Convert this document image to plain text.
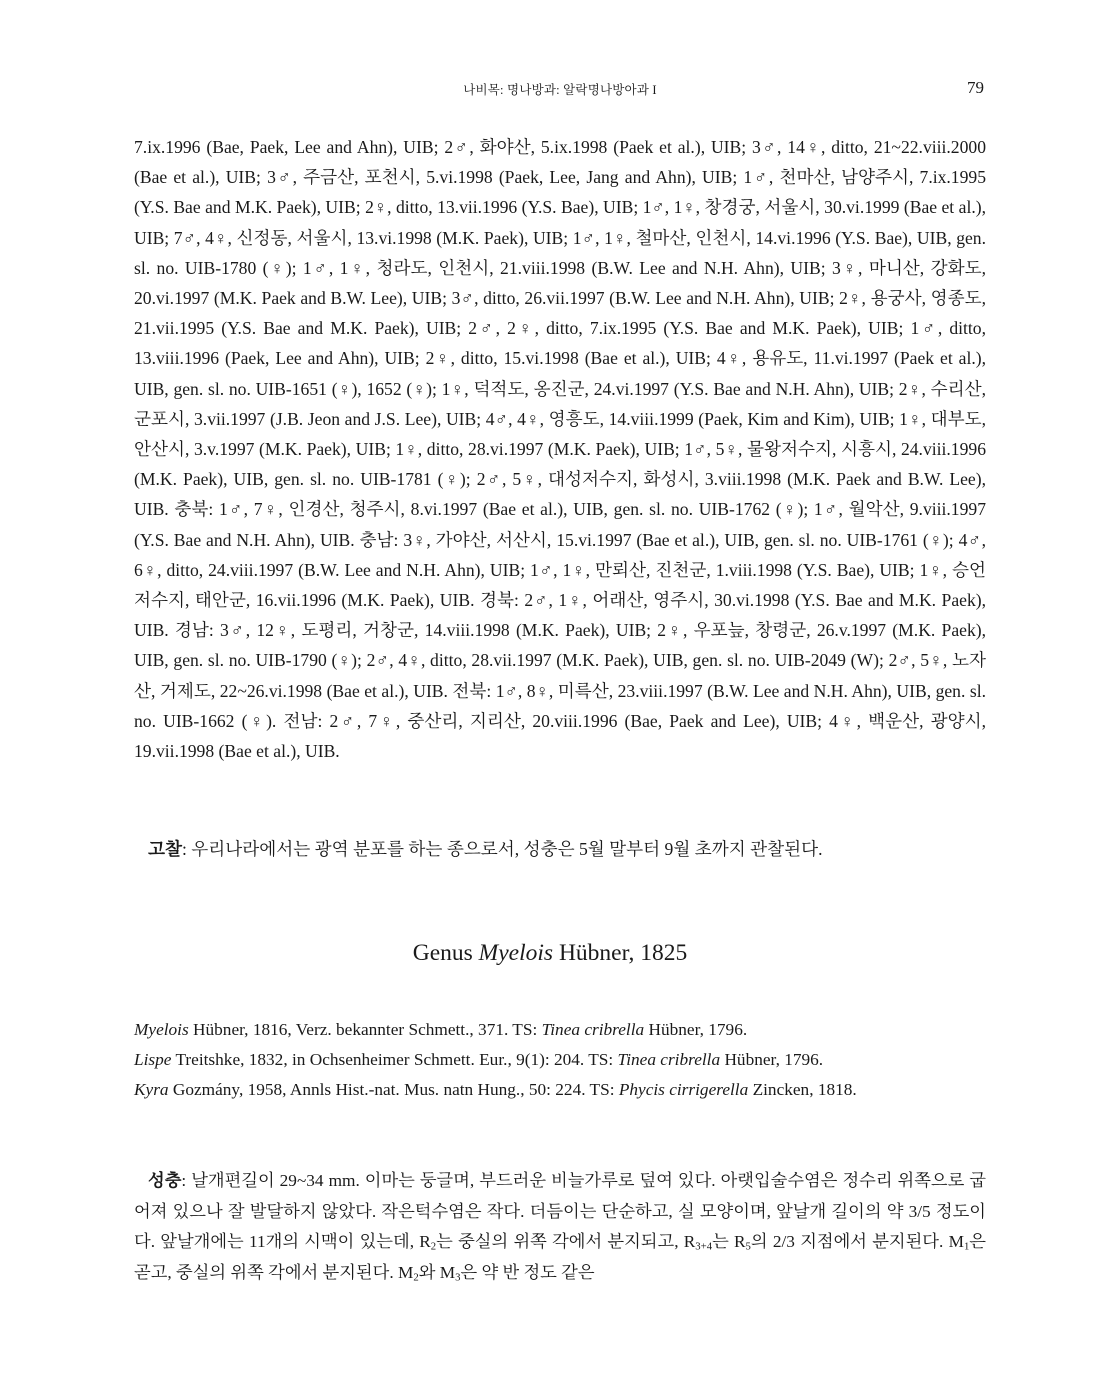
나비목: 명나방과: 알락명나방아과 I	79

7.ix.1996 (Bae, Paek, Lee and Ahn), UIB; 2♂, 화야산, 5.ix.1998 (Paek et al.), UIB; 3♂, 14♀, ditto, 21~22.viii.2000 (Bae et al.), UIB; 3♂, 주금산, 포천시, 5.vi.1998 (Paek, Lee, Jang and Ahn), UIB; 1♂, 천마산, 남양주시, 7.ix.1995 (Y.S. Bae and M.K. Paek), UIB; 2♀, ditto, 13.vii.1996 (Y.S. Bae), UIB; 1♂, 1♀, 창경궁, 서울시, 30.vi.1999 (Bae et al.), UIB; 7♂, 4♀, 신정동, 서울시, 13.vi.1998 (M.K. Paek), UIB; 1♂, 1♀, 철마산, 인천시, 14.vi.1996 (Y.S. Bae), UIB, gen. sl. no. UIB-1780 (♀); 1♂, 1♀, 청라도, 인천시, 21.viii.1998 (B.W. Lee and N.H. Ahn), UIB; 3♀, 마니산, 강화도, 20.vi.1997 (M.K. Paek and B.W. Lee), UIB; 3♂, ditto, 26.vii.1997 (B.W. Lee and N.H. Ahn), UIB; 2♀, 용궁사, 영종도, 21.vii.1995 (Y.S. Bae and M.K. Paek), UIB; 2♂, 2♀, ditto, 7.ix.1995 (Y.S. Bae and M.K. Paek), UIB; 1♂, ditto, 13.viii.1996 (Paek, Lee and Ahn), UIB; 2♀, ditto, 15.vi.1998 (Bae et al.), UIB; 4♀, 용유도, 11.vi.1997 (Paek et al.), UIB, gen. sl. no. UIB-1651 (♀), 1652 (♀); 1♀, 덕적도, 옹진군, 24.vi.1997 (Y.S. Bae and N.H. Ahn), UIB; 2♀, 수리산, 군포시, 3.vii.1997 (J.B. Jeon and J.S. Lee), UIB; 4♂, 4♀, 영흥도, 14.viii.1999 (Paek, Kim and Kim), UIB; 1♀, 대부도, 안산시, 3.v.1997 (M.K. Paek), UIB; 1♀, ditto, 28.vi.1997 (M.K. Paek), UIB; 1♂, 5♀, 물왕저수지, 시흥시, 24.viii.1996 (M.K. Paek), UIB, gen. sl. no. UIB-1781 (♀); 2♂, 5♀, 대성저수지, 화성시, 3.viii.1998 (M.K. Paek and B.W. Lee), UIB. 충북: 1♂, 7♀, 인경산, 청주시, 8.vi.1997 (Bae et al.), UIB, gen. sl. no. UIB-1762 (♀); 1♂, 월악산, 9.viii.1997 (Y.S. Bae and N.H. Ahn), UIB. 충남: 3♀, 가야산, 서산시, 15.vi.1997 (Bae et al.), UIB, gen. sl. no. UIB-1761 (♀); 4♂, 6♀, ditto, 24.viii.1997 (B.W. Lee and N.H. Ahn), UIB; 1♂, 1♀, 만뢰산, 진천군, 1.viii.1998 (Y.S. Bae), UIB; 1♀, 승언저수지, 태안군, 16.vii.1996 (M.K. Paek), UIB. 경북: 2♂, 1♀, 어래산, 영주시, 30.vi.1998 (Y.S. Bae and M.K. Paek), UIB. 경남: 3♂, 12♀, 도평리, 거창군, 14.viii.1998 (M.K. Paek), UIB; 2♀, 우포늪, 창령군, 26.v.1997 (M.K. Paek), UIB, gen. sl. no. UIB-1790 (♀); 2♂, 4♀, ditto, 28.vii.1997 (M.K. Paek), UIB, gen. sl. no. UIB-2049 (W); 2♂, 5♀, 노자산, 거제도, 22~26.vi.1998 (Bae et al.), UIB. 전북: 1♂, 8♀, 미륵산, 23.viii.1997 (B.W. Lee and N.H. Ahn), UIB, gen. sl. no. UIB-1662 (♀). 전남: 2♂, 7♀, 중산리, 지리산, 20.viii.1996 (Bae, Paek and Lee), UIB; 4♀, 백운산, 광양시, 19.vii.1998 (Bae et al.), UIB.

고찰: 우리나라에서는 광역 분포를 하는 종으로서, 성충은 5월 말부터 9월 초까지 관찰된다.

Genus Myelois Hübner, 1825
Myelois Hübner, 1816, Verz. bekannter Schmett., 371. TS: Tinea cribrella Hübner, 1796.
Lispe Treitshke, 1832, in Ochsenheimer Schmett. Eur., 9(1): 204. TS: Tinea cribrella Hübner, 1796.
Kyra Gozmány, 1958, Annls Hist.-nat. Mus. natn Hung., 50: 224. TS: Phycis cirrigerella Zincken, 1818.

성충: 날개편길이 29~34 mm. 이마는 둥글며, 부드러운 비늘가루로 덮여 있다. 아랫입술수염은 정수리 위쪽으로 굽어져 있으나 잘 발달하지 않았다. 작은턱수염은 작다. 더듬이는 단순하고, 실 모양이며, 앞날개 길이의 약 3/5 정도이다. 앞날개에는 11개의 시맥이 있는데, $R_2$는 중실의 위쪽 각에서 분지되고, $R_{3+4}$는 $R_5$의 2/3 지점에서 분지된다. $M_1$은 곧고, 중실의 위쪽 각에서 분지된다. $M_2$와 $M_3$은 약 반 정도 같은
